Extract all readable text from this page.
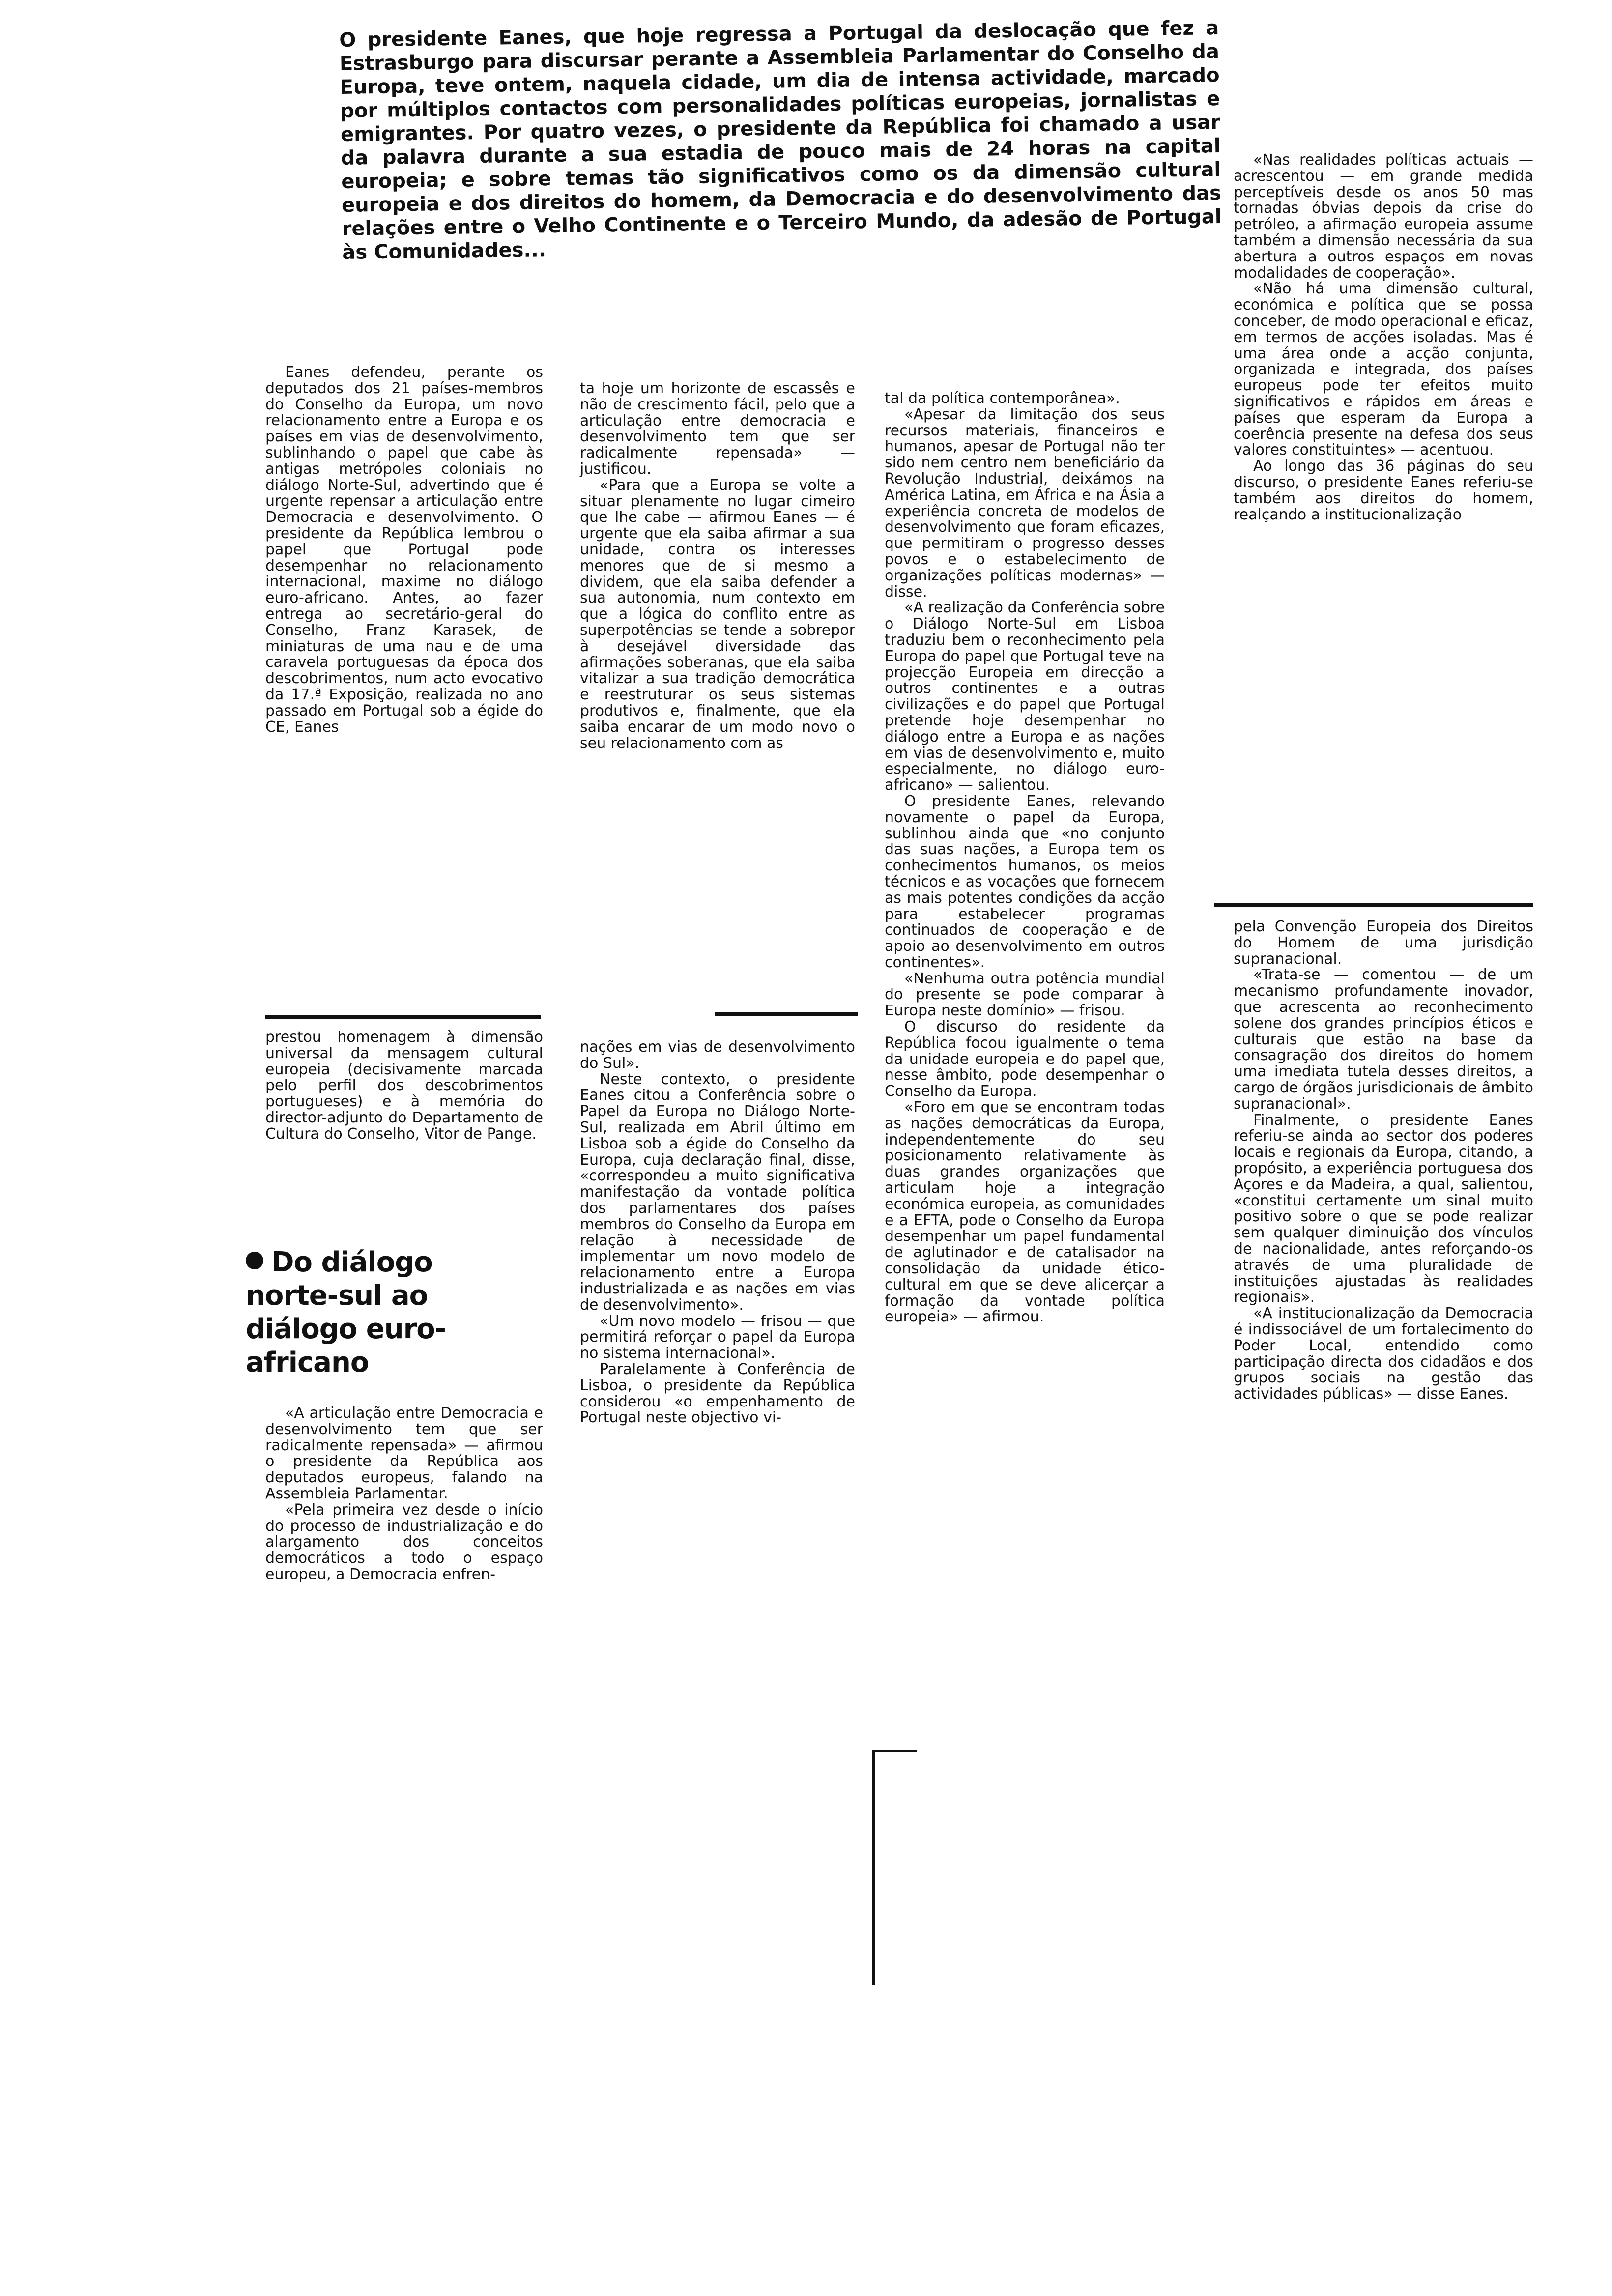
O presidente Eanes, que hoje regressa a Portugal da deslocação que fez a Estrasburgo para discursar perante a Assembleia Parlamentar do Conselho da Europa, teve ontem, naquela cidade, um dia de intensa actividade, marcado por múltiplos contactos com personalidades políticas europeias, jornalistas e emigrantes. Por quatro vezes, o presidente da República foi chamado a usar da palavra durante a sua estadia de pouco mais de 24 horas na capital europeia; e sobre temas tão significativos como os da dimensão cultural europeia e dos direitos do homem, da Democracia e do desenvolvimento das relações entre o Velho Continente e o Terceiro Mundo, da adesão de Portugal às Comunidades...

Eanes defendeu, perante os deputados dos 21 países-membros do Conselho da Europa, um novo relacionamento entre a Europa e os países em vias de desenvolvimento, sublinhando o papel que cabe às antigas metrópoles coloniais no diálogo Norte-Sul, advertindo que é urgente repensar a articulação entre Democracia e desenvolvimento. O presidente da República lembrou o papel que Portugal pode desempenhar no relacionamento internacional, maxime no diálogo euro-africano. Antes, ao fazer entrega ao secretário-geral do Conselho, Franz Karasek, de miniaturas de uma nau e de uma caravela portuguesas da época dos descobrimentos, num acto evocativo da 17.ª Exposição, realizada no ano passado em Portugal sob a égide do CE, Eanes

prestou homenagem à dimensão universal da mensagem cultural europeia (decisivamente marcada pelo perfil dos descobrimentos portugueses) e à memória do director-adjunto do Departamento de Cultura do Conselho, Vitor de Pange.

Do diálogo norte-sul ao diálogo euro-africano

«A articulação entre Democracia e desenvolvimento tem que ser radicalmente repensada» — afirmou o presidente da República aos deputados europeus, falando na Assembleia Parlamentar.

«Pela primeira vez desde o início do processo de industrialização e do alargamento dos conceitos democráticos a todo o espaço europeu, a Democracia enfren-

ta hoje um horizonte de escassês e não de crescimento fácil, pelo que a articulação entre democracia e desenvolvimento tem que ser radicalmente repensada» — justificou.

«Para que a Europa se volte a situar plenamente no lugar cimeiro que lhe cabe — afirmou Eanes — é urgente que ela saiba afirmar a sua unidade, contra os interesses menores que de si mesmo a dividem, que ela saiba defender a sua autonomia, num contexto em que a lógica do conflito entre as superpotências se tende a sobrepor à desejável diversidade das afirmações soberanas, que ela saiba vitalizar a sua tradição democrática e reestruturar os seus sistemas produtivos e, finalmente, que ela saiba encarar de um modo novo o seu relacionamento com as

nações em vias de desenvolvimento do Sul».

Neste contexto, o presidente Eanes citou a Conferência sobre o Papel da Europa no Diálogo Norte-Sul, realizada em Abril último em Lisboa sob a égide do Conselho da Europa, cuja declaração final, disse, «correspondeu a muito significativa manifestação da vontade política dos parlamentares dos países membros do Conselho da Europa em relação à necessidade de implementar um novo modelo de relacionamento entre a Europa industrializada e as nações em vias de desenvolvimento».

«Um novo modelo — frisou — que permitirá reforçar o papel da Europa no sistema internacional».

Paralelamente à Conferência de Lisboa, o presidente da República considerou «o empenhamento de Portugal neste objectivo vi-

tal da política contemporânea».

«Apesar da limitação dos seus recursos materiais, financeiros e humanos, apesar de Portugal não ter sido nem centro nem beneficiário da Revolução Industrial, deixámos na América Latina, em África e na Ásia a experiência concreta de modelos de desenvolvimento que foram eficazes, que permitiram o progresso desses povos e o estabelecimento de organizações políticas modernas» — disse.

«A realização da Conferência sobre o Diálogo Norte-Sul em Lisboa traduziu bem o reconhecimento pela Europa do papel que Portugal teve na projecção Europeia em direcção a outros continentes e a outras civilizações e do papel que Portugal pretende hoje desempenhar no diálogo entre a Europa e as nações em vias de desenvolvimento e, muito especialmente, no diálogo euro-africano» — salientou.

O presidente Eanes, relevando novamente o papel da Europa, sublinhou ainda que «no conjunto das suas nações, a Europa tem os conhecimentos humanos, os meios técnicos e as vocações que fornecem as mais potentes condições da acção para estabelecer programas continuados de cooperação e de apoio ao desenvolvimento em outros continentes».

«Nenhuma outra potência mundial do presente se pode comparar à Europa neste domínio» — frisou.

O discurso do residente da República focou igualmente o tema da unidade europeia e do papel que, nesse âmbito, pode desempenhar o Conselho da Europa.

«Foro em que se encontram todas as nações democráticas da Europa, independentemente do seu posicionamento relativamente às duas grandes organizações que articulam hoje a integração económica europeia, as comunidades e a EFTA, pode o Conselho da Europa desempenhar um papel fundamental de aglutinador e de catalisador na consolidação da unidade ético-cultural em que se deve alicerçar a formação da vontade política europeia» — afirmou.

«Nas realidades políticas actuais — acrescentou — em grande medida perceptíveis desde os anos 50 mas tornadas óbvias depois da crise do petróleo, a afirmação europeia assume também a dimensão necessária da sua abertura a outros espaços em novas modalidades de cooperação».

«Não há uma dimensão cultural, económica e política que se possa conceber, de modo operacional e eficaz, em termos de acções isoladas. Mas é uma área onde a acção conjunta, organizada e integrada, dos países europeus pode ter efeitos muito significativos e rápidos em áreas e países que esperam da Europa a coerência presente na defesa dos seus valores constituintes» — acentuou.

Ao longo das 36 páginas do seu discurso, o presidente Eanes referiu-se também aos direitos do homem, realçando a institucionalização

pela Convenção Europeia dos Direitos do Homem de uma jurisdição supranacional.

«Trata-se — comentou — de um mecanismo profundamente inovador, que acrescenta ao reconhecimento solene dos grandes princípios éticos e culturais que estão na base da consagração dos direitos do homem uma imediata tutela desses direitos, a cargo de órgãos jurisdicionais de âmbito supranacional».

Finalmente, o presidente Eanes referiu-se ainda ao sector dos poderes locais e regionais da Europa, citando, a propósito, a experiência portuguesa dos Açores e da Madeira, a qual, salientou, «constitui certamente um sinal muito positivo sobre o que se pode realizar sem qualquer diminuição dos vínculos de nacionalidade, antes reforçando-os através de uma pluralidade de instituições ajustadas às realidades regionais».

«A institucionalização da Democracia é indissociável de um fortalecimento do Poder Local, entendido como participação directa dos cidadãos e dos grupos sociais na gestão das actividades públicas» — disse Eanes.
